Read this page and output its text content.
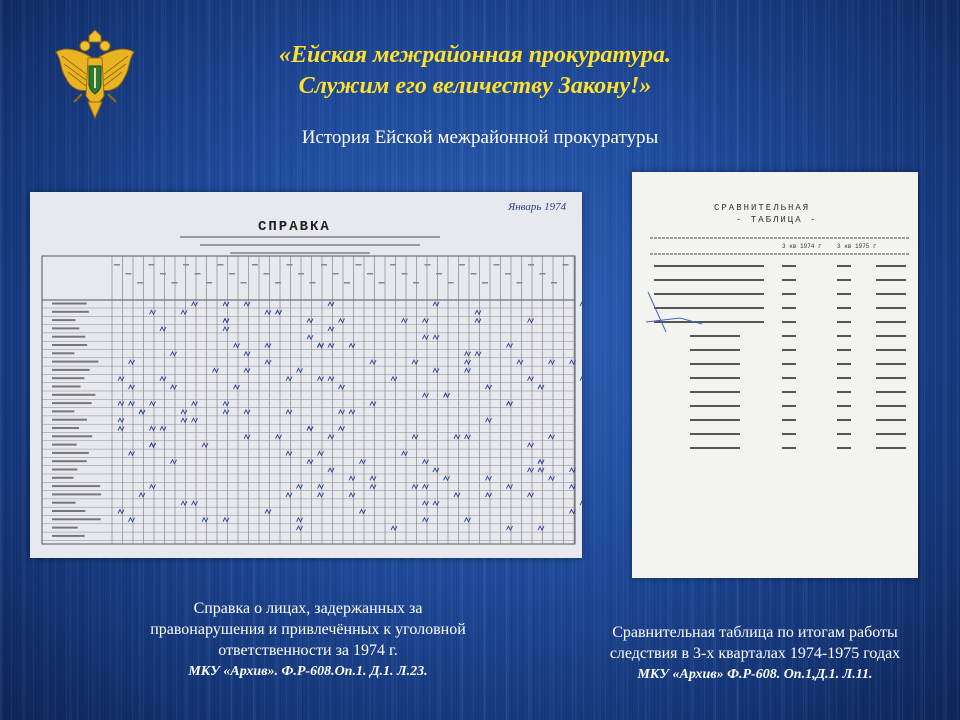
«Ейская межрайонная прокуратура.
Служим его величеству Закону!»
История Ейской межрайонной прокуратуры
СПРАВКА
Январь 1974	СРАВНИТЕЛЬНАЯ
- ТАБЛИЦА -
3 кв 1974 г	3 кв 1975 г
Справка о лицах, задержанных за
правонарушения и привлечённых к уголовной
ответственности за 1974 г.
МКУ «Архив». Ф.Р-608.Оп.1. Д.1. Л.23.
Сравнительная таблица по итогам работы
следствия в 3-х кварталах 1974-1975 годах
МКУ «Архив» Ф.Р-608. Оп.1,Д.1. Л.11.
